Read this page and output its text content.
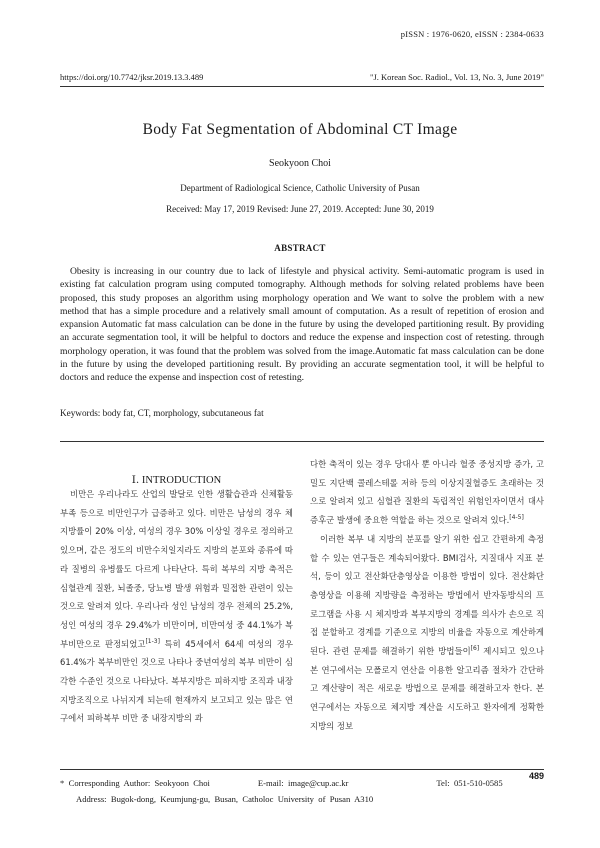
pISSN : 1976-0620, eISSN : 2384-0633
https://doi.org/10.7742/jksr.2019.13.3.489	"J. Korean Soc. Radiol., Vol. 13, No. 3, June 2019"
Body Fat Segmentation of Abdominal CT Image
Seokyoon Choi
Department of Radiological Science, Catholic University of Pusan
Received: May 17, 2019 Revised: June 27, 2019. Accepted: June 30, 2019
ABSTRACT

Obesity is increasing in our country due to lack of lifestyle and physical activity. Semi-automatic program is used in existing fat calculation program using computed tomography. Although methods for solving related problems have been proposed, this study proposes an algorithm using morphology operation and We want to solve the problem with a new method that has a simple procedure and a relatively small amount of computation. As a result of repetition of erosion and expansion Automatic fat mass calculation can be done in the future by using the developed partitioning result. By providing an accurate segmentation tool, it will be helpful to doctors and reduce the expense and inspection cost of retesting. through morphology operation, it was found that the problem was solved from the image.Automatic fat mass calculation can be done in the future by using the developed partitioning result. By providing an accurate segmentation tool, it will be helpful to doctors and reduce the expense and inspection cost of retesting.

Keywords: body fat, CT, morphology, subcutaneous fat
Ⅰ. INTRODUCTION

비만은 우리나라도 산업의 발달로 인한 생활습관과 신체활동 부족 등으로 비만인구가 급증하고 있다. 비만은 남성의 경우 체지방률이 20% 이상, 여성의 경우 30% 이상일 경우로 정의하고 있으며, 같은 정도의 비만수치일지라도 지방의 분포와 종류에 따라 질병의 유병률도 다르게 나타난다. 특히 복부의 지방 축적은 심혈관계 질환, 뇌졸중, 당뇨병 발생 위험과 밀접한 관련이 있는 것으로 알려져 있다. 우리나라 성인 남성의 경우 전체의 25.2%, 성인 여성의 경우 29.4%가 비만이며, 비만여성 중 44.1%가 복부비만으로 판정되었고[1-3] 특히 45세에서 64세 여성의 경우 61.4%가 복부비만인 것으로 나타나 중년여성의 복부 비만이 심각한 수준인 것으로 나타났다. 복부지방은 피하지방 조직과 내장 지방조직으로 나뉘지게 되는데 현재까지 보고되고 있는 많은 연구에서 피하복부 비만 중 내장지방의 과

다한 축적이 있는 경우 당대사 뿐 아니라 혈중 중성지방 증가, 고밀도 지단백 콜레스테롤 저하 등의 이상지질혈증도 초래하는 것으로 알려져 있고 심혈관 질환의 독립적인 위험인자이면서 대사증후군 발생에 중요한 역할을 하는 것으로 알려져 있다.[4-5]

이러한 복부 내 지방의 분포를 알기 위한 쉽고 간편하게 측정할 수 있는 연구들은 계속되어왔다. BMI검사, 지질대사 지표 분석, 등이 있고 전산화단층영상을 이용한 방법이 있다. 전산화단층영상을 이용해 지방량을 측정하는 방법에서 반자동방식의 프로그램을 사용 시 체지방과 복부지방의 경계를 의사가 손으로 직접 분할하고 경계를 기준으로 지방의 비율을 자동으로 계산하게 된다. 관련 문제를 해결하기 위한 방법들이[6] 제시되고 있으나 본 연구에서는 모폴로지 연산을 이용한 알고리즘 절차가 간단하고 계산량이 적은 새로운 방법으로 문제를 해결하고자 한다. 본 연구에서는 자동으로 체지방 계산을 시도하고 환자에게 정확한 지방의 정보

*  Corresponding  Author:  Seokyoon  Choi	E-mail:  image@cup.ac.kr	Tel:  051-510-0585
Address:  Bugok-dong,  Keumjung-gu,  Busan,  Catholoc  University  of  Pusan  A310
489
